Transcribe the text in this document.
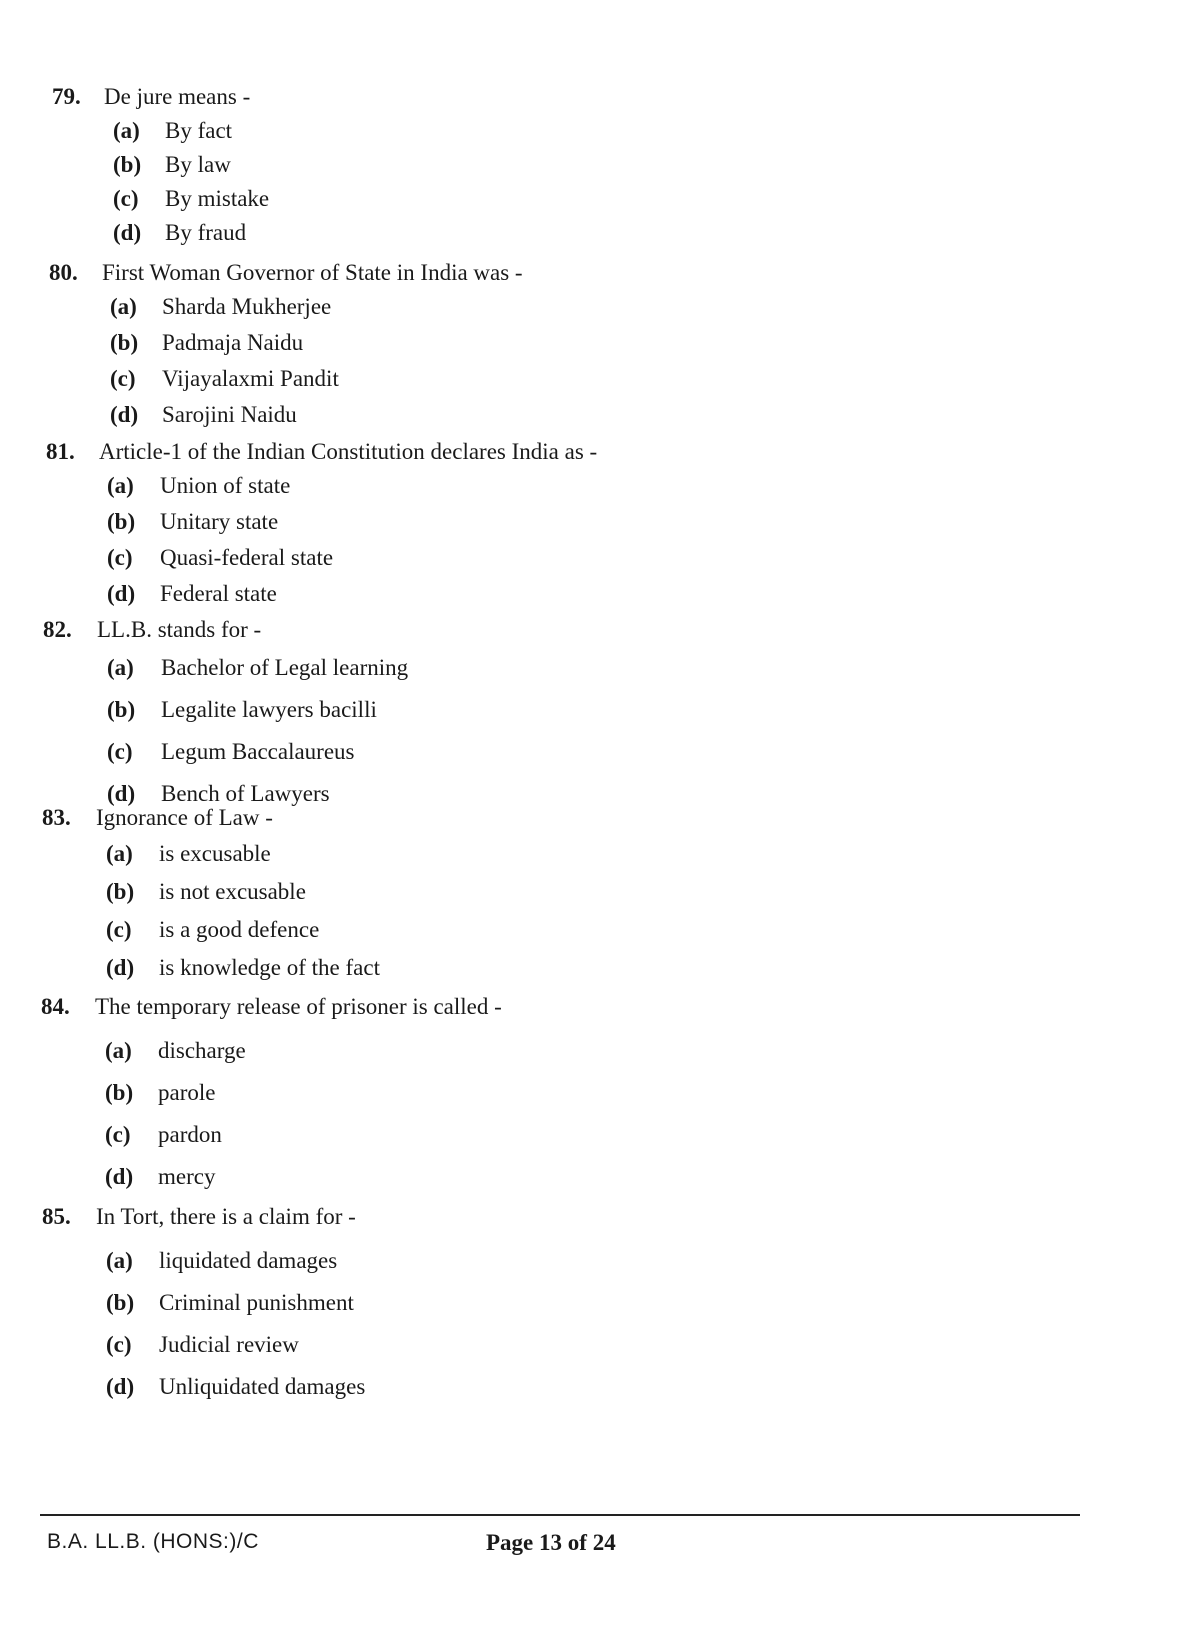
79. De jure means -
(a) By fact
(b) By law
(c) By mistake
(d) By fraud
80. First Woman Governor of State in India was -
(a) Sharda Mukherjee
(b) Padmaja Naidu
(c) Vijayalaxmi Pandit
(d) Sarojini Naidu
81. Article-1 of the Indian Constitution declares India as -
(a) Union of state
(b) Unitary state
(c) Quasi-federal state
(d) Federal state
82. LL.B. stands for -
(a) Bachelor of Legal learning
(b) Legalite lawyers bacilli
(c) Legum Baccalaureus
(d) Bench of Lawyers
83. Ignorance of Law -
(a) is excusable
(b) is not excusable
(c) is a good defence
(d) is knowledge of the fact
84. The temporary release of prisoner is called -
(a) discharge
(b) parole
(c) pardon
(d) mercy
85. In Tort, there is a claim for -
(a) liquidated damages
(b) Criminal punishment
(c) Judicial review
(d) Unliquidated damages
B.A. LL.B. (HONS:)/C	Page 13 of 24
